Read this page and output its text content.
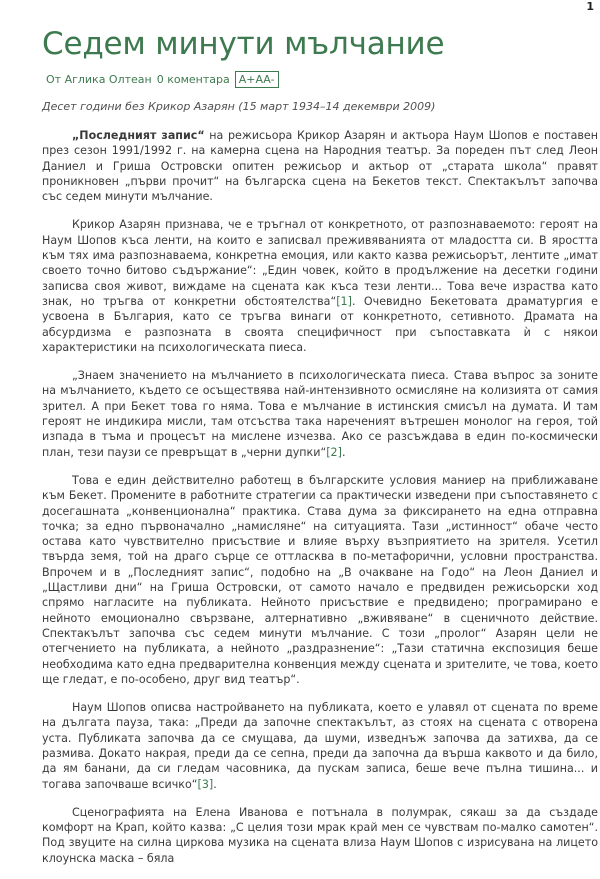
1
Седем минути мълчание
От Аглика Олтеан 0 коментара A+AA-
Десет години без Крикор Азарян (15 март 1934–14 декември 2009)

„Последният запис“ на режисьора Крикор Азарян и актьора Наум Шопов е поставен през сезон 1991/1992 г. на камерна сцена на Народния театър. За пореден път след Леон Даниел и Гриша Островски опитен режисьор и актьор от „старата школа“ правят проникновен „първи прочит“ на българска сцена на Бекетов текст. Спектакълът започва със седем минути мълчание.

Крикор Азарян признава, че е тръгнал от конкретното, от разпознаваемото: героят на Наум Шопов къса ленти, на които е записвал преживяванията от младостта си. В яростта към тях има разпознаваема, конкретна емоция, или както казва режисьорът, лентите „имат своето точно битово съдържание“: „Един човек, който в продължение на десетки години записва своя живот, виждаме на сцената как къса тези ленти... Това вече израства като знак, но тръгва от конкретни обстоятелства“[1]. Очевидно Бекетовата драматургия е усвоена в България, като се тръгва винаги от конкретното, сетивното. Драмата на абсурдизма е разпозната в своята специфичност при съпоставката ѝ с някои характеристики на психологическата пиеса.

„Знаем значението на мълчанието в психологическата пиеса. Става въпрос за зоните на мълчанието, където се осъществява най-интензивното осмисляне на колизията от самия зрител. А при Бекет това го няма. Това е мълчание в истинския смисъл на думата. И там героят не индикира мисли, там отсъства така нареченият вътрешен монолог на героя, той изпада в тъма и процесът на мислене изчезва. Ако се разсъждава в един по-космически план, тези паузи се превръщат в „черни дупки“[2].

Това е един действително работещ в българските условия маниер на приближаване към Бекет. Промените в работните стратегии са практически изведени при съпоставянето с досегашната „конвенционална“ практика. Става дума за фиксирането на една отправна точка; за едно първоначално „намисляне“ на ситуацията. Тази „истинност“ обаче често остава като чувствително присъствие и влияе върху възприятието на зрителя. Усетил твърда земя, той на драго сърце се оттласква в по-метафорични, условни пространства. Впрочем и в „Последният запис“, подобно на „В очакване на Годо“ на Леон Даниел и „Щастливи дни“ на Гриша Островски, от самото начало е предвиден режисьорски ход спрямо нагласите на публиката. Нейното присъствие е предвидено; програмирано е нейното емоционално свързване, алтернативно „вживяване“ в сценичното действие. Спектакълът започва със седем минути мълчание. С този „пролог“ Азарян цели не отегчението на публиката, а нейното „раздразнение“: „Тази статична експозиция беше необходима като една предварителна конвенция между сцената и зрителите, че това, което ще гледат, е по-особено, друг вид театър“.

Наум Шопов описва настройването на публиката, което е улавял от сцената по време на дългата пауза, така: „Преди да започне спектакълът, аз стоях на сцената с отворена уста. Публиката започва да се смущава, да шуми, изведнъж започва да затихва, да се размива. Докато накрая, преди да се сепна, преди да започна да върша каквото и да било, да ям банани, да си гледам часовника, да пускам записа, беше вече пълна тишина... и тогава започваше всичко“[3].

Сценографията на Елена Иванова е потънала в полумрак, сякаш за да създаде комфорт на Крап, който казва: „С целия този мрак край мен се чувствам по-малко самотен“. Под звуците на силна циркова музика на сцената влиза Наум Шопов с изрисувана на лицето клоунска маска – бяла
